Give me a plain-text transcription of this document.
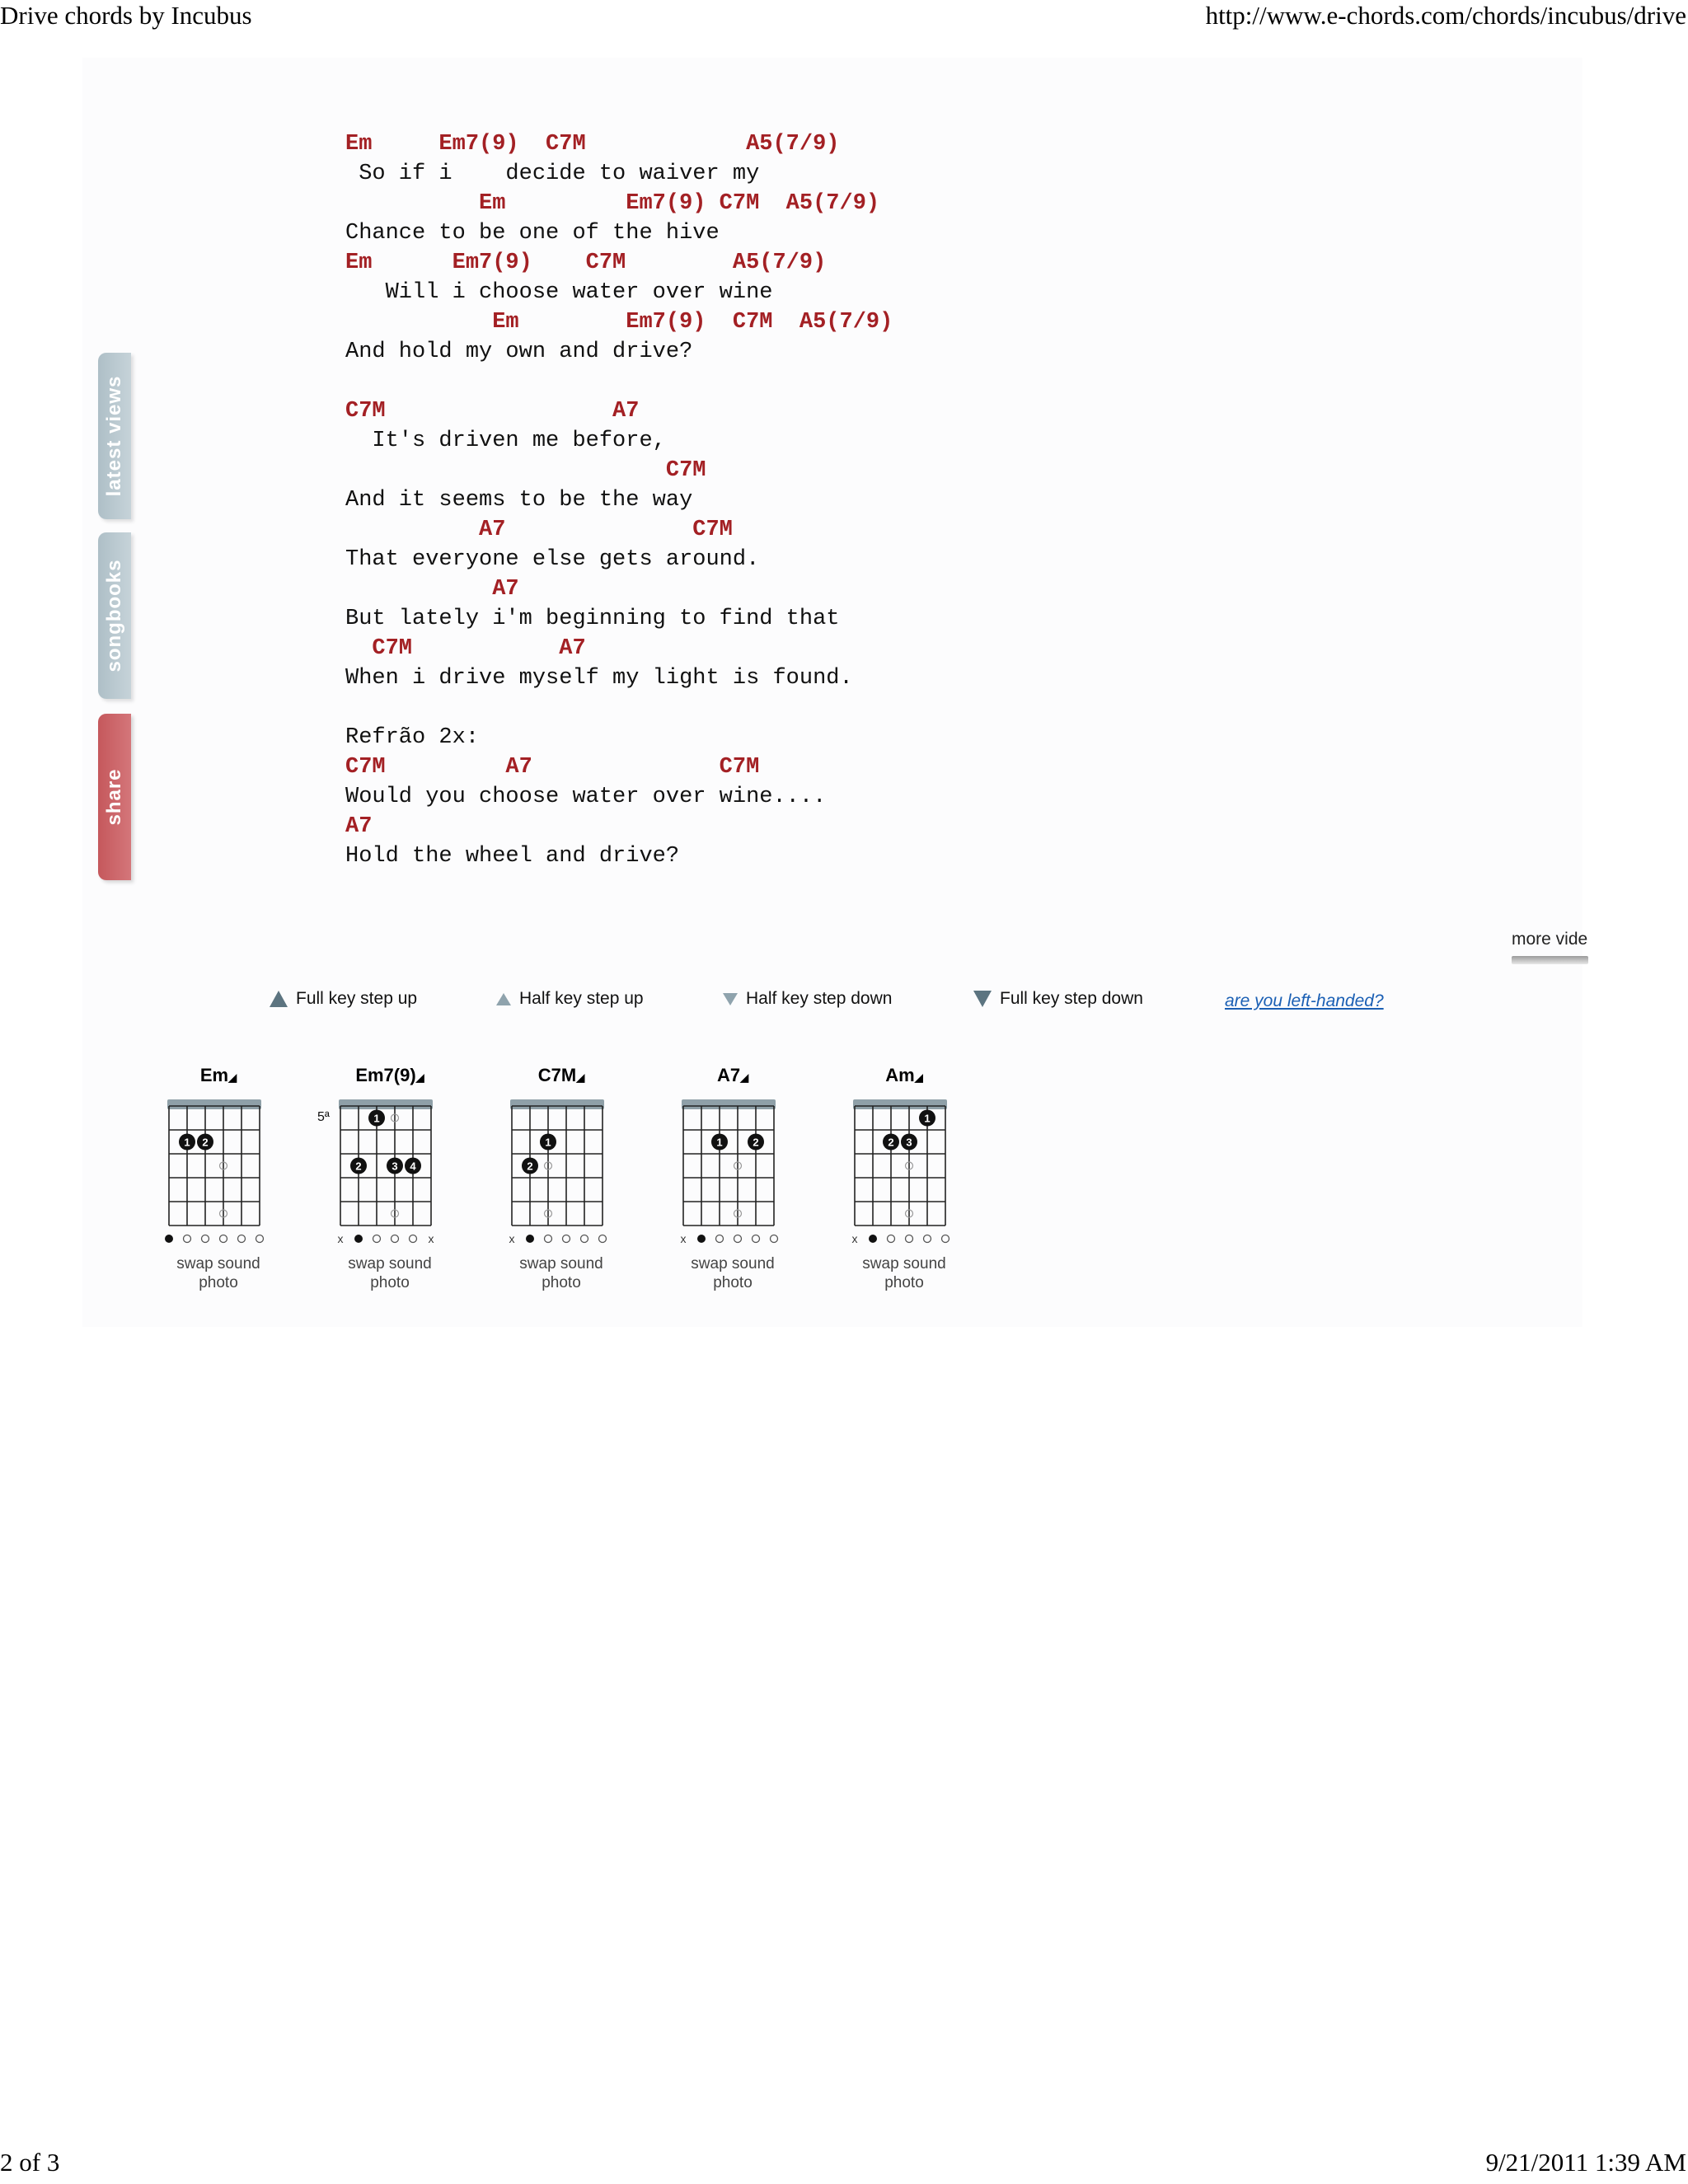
Drive chords by Incubus	http://www.e-chords.com/chords/incubus/drive
latest views
songbooks
share
Em     Em7(9)  C7M            A5(7/9)
So if i    decide to waiver my
Em         Em7(9) C7M  A5(7/9)
Chance to be one of the hive
Em      Em7(9)    C7M        A5(7/9)
Will i choose water over wine
Em        Em7(9)  C7M  A5(7/9)
And hold my own and drive?
C7M                 A7
It's driven me before,
C7M
And it seems to be the way
A7              C7M
That everyone else gets around.
A7
But lately i'm beginning to find that
C7M           A7
When i drive myself my light is found.
Refrão 2x:
C7M         A7              C7M
Would you choose water over wine....
A7
Hold the wheel and drive?
more vide
Full key step up	Half key step up	Half key step down	Full key step down	are you left-handed?
Em◢
1 2
swap sound
photo
Em7(9)◢
5ª	1
2	3 4
x	x
swap sound
photo
C7M◢
1
2
x
swap sound
photo
A7◢
1	2
x
swap sound
photo
Am◢
1
2 3
x
swap sound
photo
2 of 3	9/21/2011 1:39 AM
